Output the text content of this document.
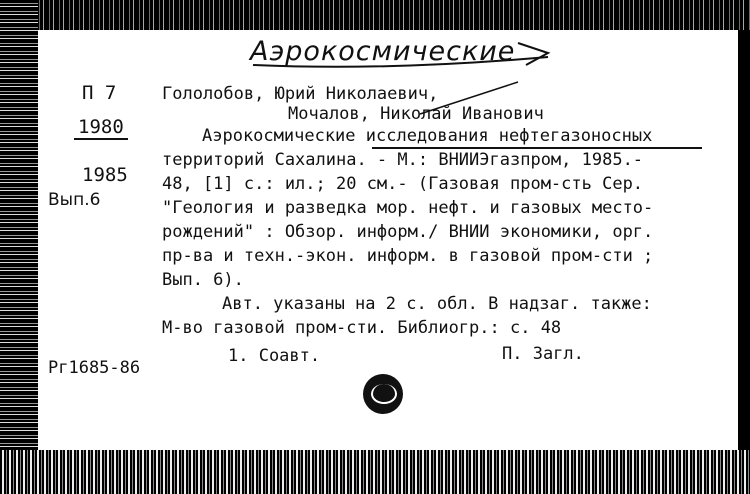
Аэрокосмические
П 7
1980
1985
Вып.6
Гололобов, Юрий Николаевич,
Мочалов, Николай Иванович
Аэрокосмические исследования нефтегазоносных
территорий Сахалина. - М.: ВНИИЭгазпром, 1985.-
48, [1] с.: ил.; 20 см.- (Газовая пром-сть Сер.
"Геология и разведка мор. нефт. и газовых место-
рождений" : Обзор. информ./ ВНИИ экономики, орг.
пр-ва и техн.-экон. информ. в газовой пром-сти ;
Вып. 6).
Авт. указаны на 2 с. обл. В надзаг. также:
М-во газовой пром-сти. Библиогр.: с. 48
Рг1685-86
1. Соавт.	П. Загл.
